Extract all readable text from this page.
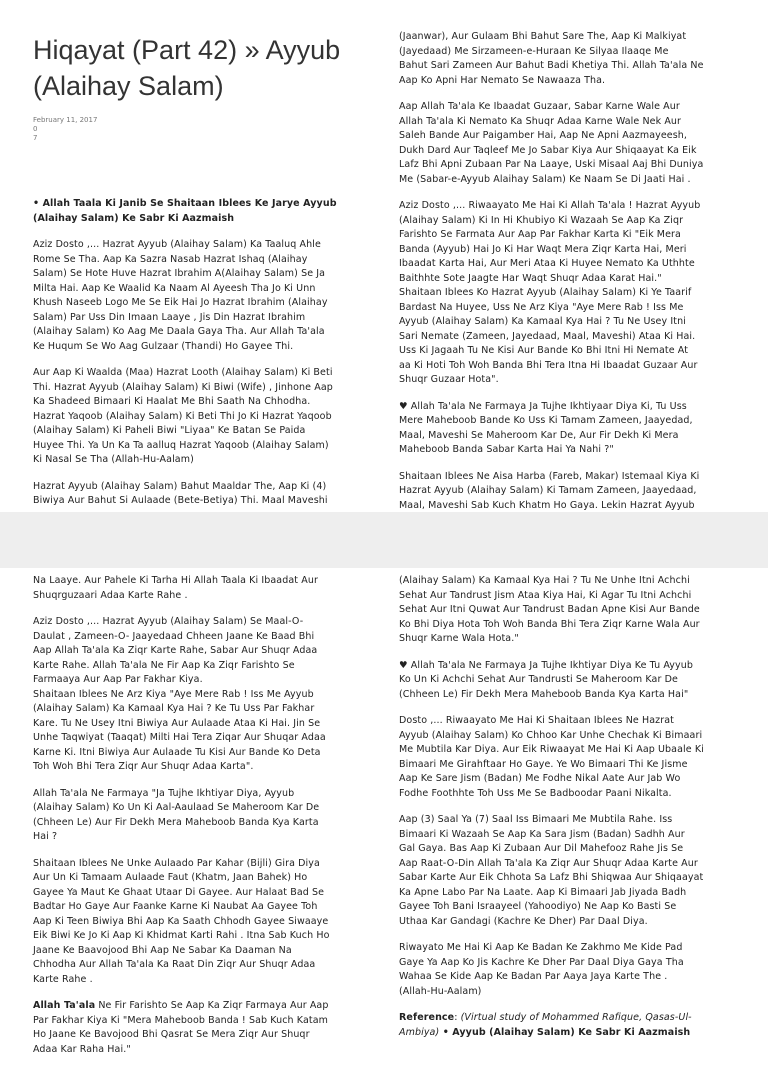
Hiqayat (Part 42) » Ayyub (Alaihay Salam)
February 11, 2017
0
7

• Allah Taala Ki Janib Se Shaitaan Iblees Ke Jarye Ayyub
(Alaihay Salam) Ke Sabr Ki Aazmaish

Aziz Dosto ,... Hazrat Ayyub (Alaihay Salam) Ka Taaluq Ahle
Rome Se Tha. Aap Ka Sazra Nasab Hazrat Ishaq (Alaihay
Salam) Se Hote Huve Hazrat Ibrahim A(Alaihay Salam) Se Ja
Milta Hai. Aap Ke Waalid Ka Naam Al Ayeesh Tha Jo Ki Unn
Khush Naseeb Logo Me Se Eik Hai Jo Hazrat Ibrahim (Alaihay
Salam) Par Uss Din Imaan Laaye , Jis Din Hazrat Ibrahim
(Alaihay Salam) Ko Aag Me Daala Gaya Tha. Aur Allah Ta'ala
Ke Huqum Se Wo Aag Gulzaar (Thandi) Ho Gayee Thi.

Aur Aap Ki Waalda (Maa) Hazrat Looth (Alaihay Salam) Ki Beti
Thi. Hazrat Ayyub (Alaihay Salam) Ki Biwi (Wife) , Jinhone Aap
Ka Shadeed Bimaari Ki Haalat Me Bhi Saath Na Chhodha.
Hazrat Yaqoob (Alaihay Salam) Ki Beti Thi Jo Ki Hazrat Yaqoob
(Alaihay Salam) Ki Paheli Biwi "Liyaa" Ke Batan Se Paida
Huyee Thi. Ya Un Ka Ta aalluq Hazrat Yaqoob (Alaihay Salam)
Ki Nasal Se Tha (Allah-Hu-Aalam)

Hazrat Ayyub (Alaihay Salam) Bahut Maaldar The, Aap Ki (4)
Biwiya Aur Bahut Si Aulaade (Bete-Betiya) Thi. Maal Maveshi

(Jaanwar), Aur Gulaam Bhi Bahut Sare The, Aap Ki Malkiyat
(Jayedaad) Me Sirzameen-e-Huraan Ke Silyaa Ilaaqe Me
Bahut Sari Zameen Aur Bahut Badi Khetiya Thi. Allah Ta'ala Ne
Aap Ko Apni Har Nemato Se Nawaaza Tha.

Aap Allah Ta'ala Ke Ibaadat Guzaar, Sabar Karne Wale Aur
Allah Ta'ala Ki Nemato Ka Shuqr Adaa Karne Wale Nek Aur
Saleh Bande Aur Paigamber Hai, Aap Ne Apni Aazmayeesh,
Dukh Dard Aur Taqleef Me Jo Sabar Kiya Aur Shiqaayat Ka Eik
Lafz Bhi Apni Zubaan Par Na Laaye, Uski Misaal Aaj Bhi Duniya
Me (Sabar-e-Ayyub Alaihay Salam) Ke Naam Se Di Jaati Hai .

Aziz Dosto ,... Riwaayato Me Hai Ki Allah Ta'ala ! Hazrat Ayyub
(Alaihay Salam) Ki In Hi Khubiyo Ki Wazaah Se Aap Ka Ziqr
Farishto Se Farmata Aur Aap Par Fakhar Karta Ki "Eik Mera
Banda (Ayyub) Hai Jo Ki Har Waqt Mera Ziqr Karta Hai, Meri
Ibaadat Karta Hai, Aur Meri Ataa Ki Huyee Nemato Ka Uthhte
Baithhte Sote Jaagte Har Waqt Shuqr Adaa Karat Hai."
Shaitaan Iblees Ko Hazrat Ayyub (Alaihay Salam) Ki Ye Taarif
Bardast Na Huyee, Uss Ne Arz Kiya "Aye Mere Rab ! Iss Me
Ayyub (Alaihay Salam) Ka Kamaal Kya Hai ? Tu Ne Usey Itni
Sari Nemate (Zameen, Jayedaad, Maal, Maveshi) Ataa Ki Hai.
Uss Ki Jagaah Tu Ne Kisi Aur Bande Ko Bhi Itni Hi Nemate At
aa Ki Hoti Toh Woh Banda Bhi Tera Itna Hi Ibaadat Guzaar Aur
Shuqr Guzaar Hota".

♥ Allah Ta'ala Ne Farmaya Ja Tujhe Ikhtiyaar Diya Ki, Tu Uss
Mere Maheboob Bande Ko Uss Ki Tamam Zameen, Jaayedad,
Maal, Maveshi Se Maheroom Kar De, Aur Fir Dekh Ki Mera
Maheboob Banda Sabar Karta Hai Ya Nahi ?"

Shaitaan Iblees Ne Aisa Harba (Fareb, Makar) Istemaal Kiya Ki
Hazrat Ayyub (Alaihay Salam) Ki Tamam Zameen, Jaayedaad,
Maal, Maveshi Sab Kuch Khatm Ho Gaya. Lekin Hazrat Ayyub

Na Laaye. Aur Pahele Ki Tarha Hi Allah Taala Ki Ibaadat Aur
Shuqrguzaari Adaa Karte Rahe .

Aziz Dosto ,... Hazrat Ayyub (Alaihay Salam) Se Maal-O-
Daulat , Zameen-O- Jaayedaad Chheen Jaane Ke Baad Bhi
Aap Allah Ta'ala Ka Ziqr Karte Rahe, Sabar Aur Shuqr Adaa
Karte Rahe. Allah Ta'ala Ne Fir Aap Ka Ziqr Farishto Se
Farmaaya Aur Aap Par Fakhar Kiya.
Shaitaan Iblees Ne Arz Kiya "Aye Mere Rab ! Iss Me Ayyub
(Alaihay Salam) Ka Kamaal Kya Hai ? Ke Tu Uss Par Fakhar
Kare. Tu Ne Usey Itni Biwiya Aur Aulaade Ataa Ki Hai. Jin Se
Unhe Taqwiyat (Taaqat) Milti Hai Tera Ziqar Aur Shuqar Adaa
Karne Ki. Itni Biwiya Aur Aulaade Tu Kisi Aur Bande Ko Deta
Toh Woh Bhi Tera Ziqr Aur Shuqr Adaa Karta".

Allah Ta'ala Ne Farmaya "Ja Tujhe Ikhtiyar Diya, Ayyub
(Alaihay Salam) Ko Un Ki Aal-Aaulaad Se Maheroom Kar De
(Chheen Le) Aur Fir Dekh Mera Maheboob Banda Kya Karta
Hai ?

Shaitaan Iblees Ne Unke Aulaado Par Kahar (Bijli) Gira Diya
Aur Un Ki Tamaam Aulaade Faut (Khatm, Jaan Bahek) Ho
Gayee Ya Maut Ke Ghaat Utaar Di Gayee. Aur Halaat Bad Se
Badtar Ho Gaye Aur Faanke Karne Ki Naubat Aa Gayee Toh
Aap Ki Teen Biwiya Bhi Aap Ka Saath Chhodh Gayee Siwaaye
Eik Biwi Ke Jo Ki Aap Ki Khidmat Karti Rahi . Itna Sab Kuch Ho
Jaane Ke Baavojood Bhi Aap Ne Sabar Ka Daaman Na
Chhodha Aur Allah Ta'ala Ka Raat Din Ziqr Aur Shuqr Adaa
Karte Rahe .

Allah Ta'ala Ne Fir Farishto Se Aap Ka Ziqr Farmaya Aur Aap
Par Fakhar Kiya Ki "Mera Maheboob Banda ! Sab Kuch Katam
Ho Jaane Ke Bavojood Bhi Qasrat Se Mera Ziqr Aur Shuqr
Adaa Kar Raha Hai."

(Alaihay Salam) Ka Kamaal Kya Hai ? Tu Ne Unhe Itni Achchi
Sehat Aur Tandrust Jism Ataa Kiya Hai, Ki Agar Tu Itni Achchi
Sehat Aur Itni Quwat Aur Tandrust Badan Apne Kisi Aur Bande
Ko Bhi Diya Hota Toh Woh Banda Bhi Tera Ziqr Karne Wala Aur
Shuqr Karne Wala Hota."

♥ Allah Ta'ala Ne Farmaya Ja Tujhe Ikhtiyar Diya Ke Tu Ayyub
Ko Un Ki Achchi Sehat Aur Tandrusti Se Maheroom Kar De
(Chheen Le) Fir Dekh Mera Maheboob Banda Kya Karta Hai"

Dosto ,... Riwaayato Me Hai Ki Shaitaan Iblees Ne Hazrat
Ayyub (Alaihay Salam) Ko Chhoo Kar Unhe Chechak Ki Bimaari
Me Mubtila Kar Diya. Aur Eik Riwaayat Me Hai Ki Aap Ubaale Ki
Bimaari Me Girahftaar Ho Gaye. Ye Wo Bimaari Thi Ke Jisme
Aap Ke Sare Jism (Badan) Me Fodhe Nikal Aate Aur Jab Wo
Fodhe Foothhte Toh Uss Me Se Badboodar Paani Nikalta.

Aap (3) Saal Ya (7) Saal Iss Bimaari Me Mubtila Rahe. Iss
Bimaari Ki Wazaah Se Aap Ka Sara Jism (Badan) Sadhh Aur
Gal Gaya. Bas Aap Ki Zubaan Aur Dil Mahefooz Rahe Jis Se
Aap Raat-O-Din Allah Ta'ala Ka Ziqr Aur Shuqr Adaa Karte Aur
Sabar Karte Aur Eik Chhota Sa Lafz Bhi Shiqwaa Aur Shiqaayat
Ka Apne Labo Par Na Laate. Aap Ki Bimaari Jab Jiyada Badh
Gayee Toh Bani Israayeel (Yahoodiyo) Ne Aap Ko Basti Se
Uthaa Kar Gandagi (Kachre Ke Dher) Par Daal Diya.

Riwayato Me Hai Ki Aap Ke Badan Ke Zakhmo Me Kide Pad
Gaye Ya Aap Ko Jis Kachre Ke Dher Par Daal Diya Gaya Tha
Wahaa Se Kide Aap Ke Badan Par Aaya Jaya Karte The .
(Allah-Hu-Aalam)

Reference: (Virtual study of Mohammed Rafique, Qasas-Ul-
Ambiya) • Ayyub (Alaihay Salam) Ke Sabr Ki Aazmaish
